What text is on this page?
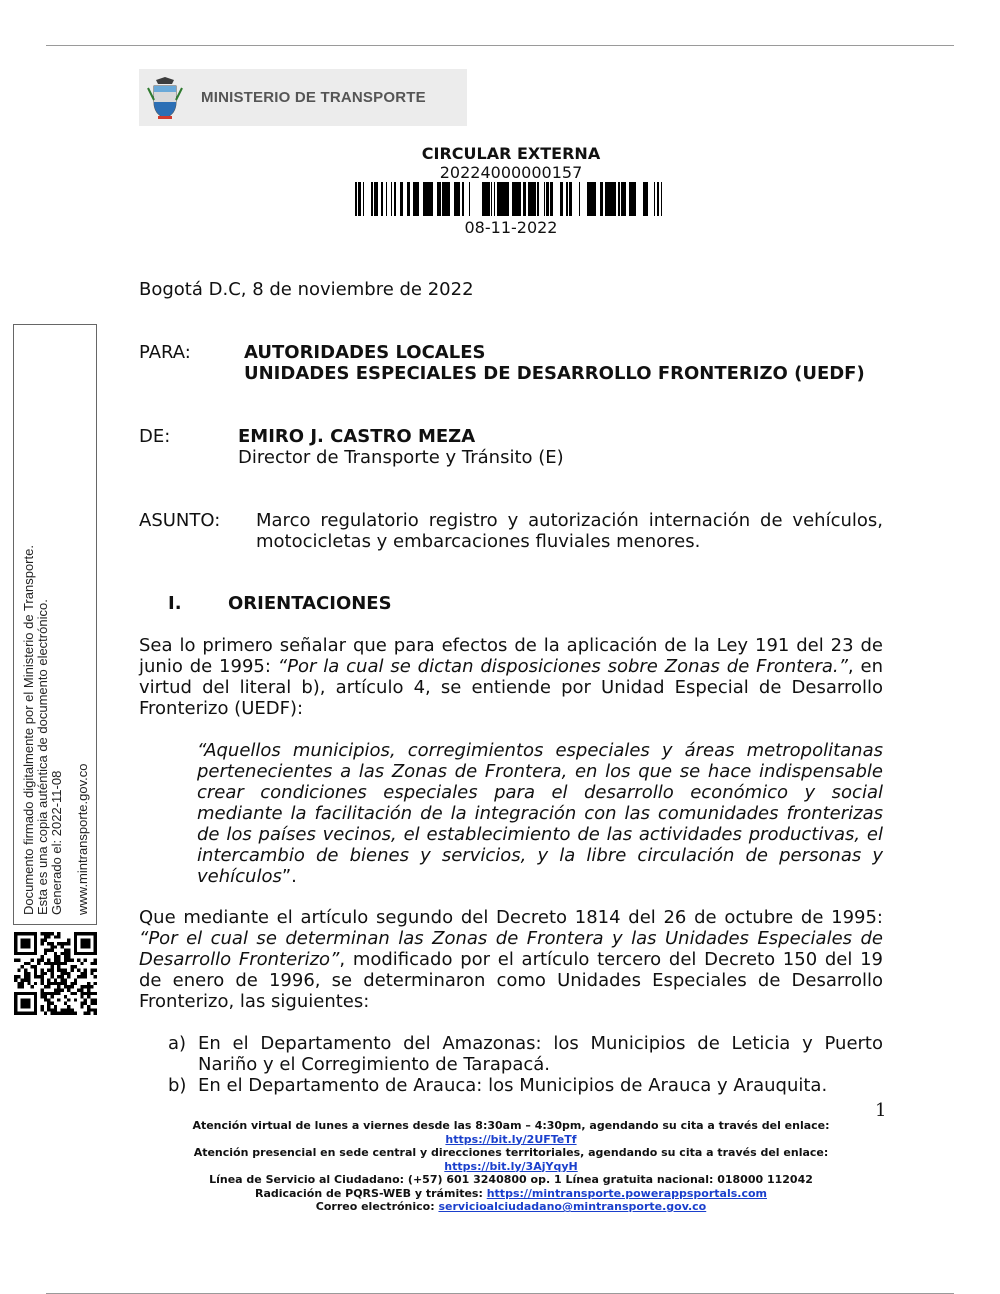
MINISTERIO DE TRANSPORTE
CIRCULAR EXTERNA
20224000000157
08-11-2022
Bogotá D.C, 8 de noviembre de 2022
PARA:	AUTORIDADES LOCALES
UNIDADES ESPECIALES DE DESARROLLO FRONTERIZO (UEDF)
DE:	EMIRO J. CASTRO MEZA
Director de Transporte y Tránsito (E)
ASUNTO: Marco regulatorio registro y autorización internación de vehículos,
motocicletas y embarcaciones fluviales menores.
I.	ORIENTACIONES
Sea lo primero señalar que para efectos de la aplicación de la Ley 191 del 23 de
junio de 1995: “Por la cual se dictan disposiciones sobre Zonas de Frontera.”, en
virtud del literal b), artículo 4, se entiende por Unidad Especial de Desarrollo
Fronterizo (UEDF):
“Aquellos municipios, corregimientos especiales y áreas metropolitanas
pertenecientes a las Zonas de Frontera, en los que se hace indispensable
crear condiciones especiales para el desarrollo económico y social
mediante la facilitación de la integración con las comunidades fronterizas
de los países vecinos, el establecimiento de las actividades productivas, el
intercambio de bienes y servicios, y la libre circulación de personas y
vehículos”.
Que mediante el artículo segundo del Decreto 1814 del 26 de octubre de 1995:
“Por el cual se determinan las Zonas de Frontera y las Unidades Especiales de
Desarrollo Fronterizo”, modificado por el artículo tercero del Decreto 150 del 19
de enero de 1996, se determinaron como Unidades Especiales de Desarrollo
Fronterizo, las siguientes:
a) En el Departamento del Amazonas: los Municipios de Leticia y Puerto
Nariño y el Corregimiento de Tarapacá.
b) En el Departamento de Arauca: los Municipios de Arauca y Arauquita.
1
Documento firmado digitalmente por el Ministerio de Transporte. Esta es una copia auténtica de documento electrónico. Generado el: 2022-11-08 www.mintransporte.gov.co
Atención virtual de lunes a viernes desde las 8:30am – 4:30pm, agendando su cita a través del enlace:
https://bit.ly/2UFTeTf
Atención presencial en sede central y direcciones territoriales, agendando su cita a través del enlace:
https://bit.ly/3AjYqyH
Línea de Servicio al Ciudadano: (+57) 601 3240800 op. 1 Línea gratuita nacional: 018000 112042
Radicación de PQRS-WEB y trámites: https://mintransporte.powerappsportals.com
Correo electrónico: servicioalciudadano@mintransporte.gov.co
